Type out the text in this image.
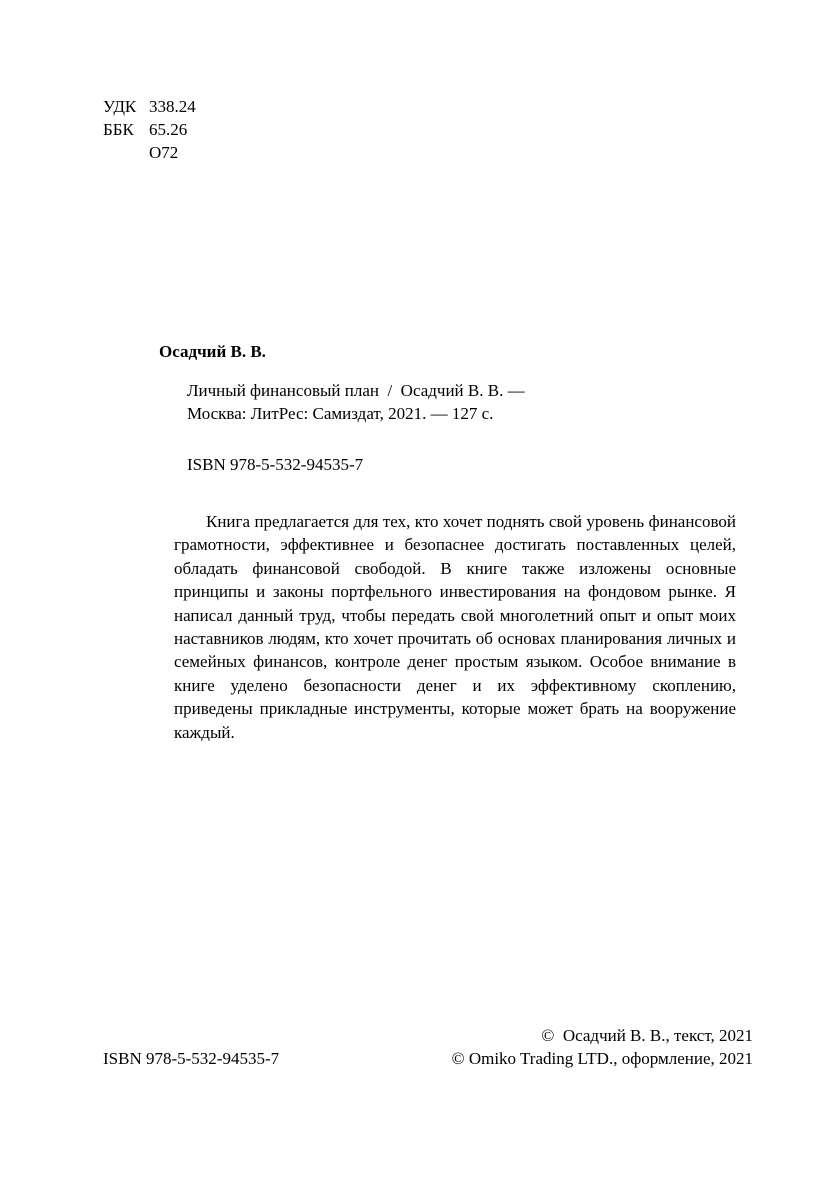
УДК 338.24
ББК 65.26
О72
Осадчий В. В.
Личный финансовый план  /  Осадчий В. В. —
Москва: ЛитРес: Самиздат, 2021. — 127 с.
ISBN 978-5-532-94535-7
Книга предлагается для тех, кто хочет поднять свой уровень финансовой грамотности, эффективнее и безопаснее достигать поставленных целей, обладать финансовой свободой. В книге также изложены основные принципы и законы портфельного инвестирования на фондовом рынке. Я написал данный труд, чтобы передать свой многолетний опыт и опыт моих наставников людям, кто хочет прочитать об основах планирования личных и семейных финансов, контроле денег простым языком. Особое внимание в книге уделено безопасности денег и их эффективному скоплению, приведены прикладные инструменты, которые может брать на вооружение каждый.
ISBN 978-5-532-94535-7
©  Осадчий В. В., текст, 2021
© Omiko Trading LTD., оформление, 2021
